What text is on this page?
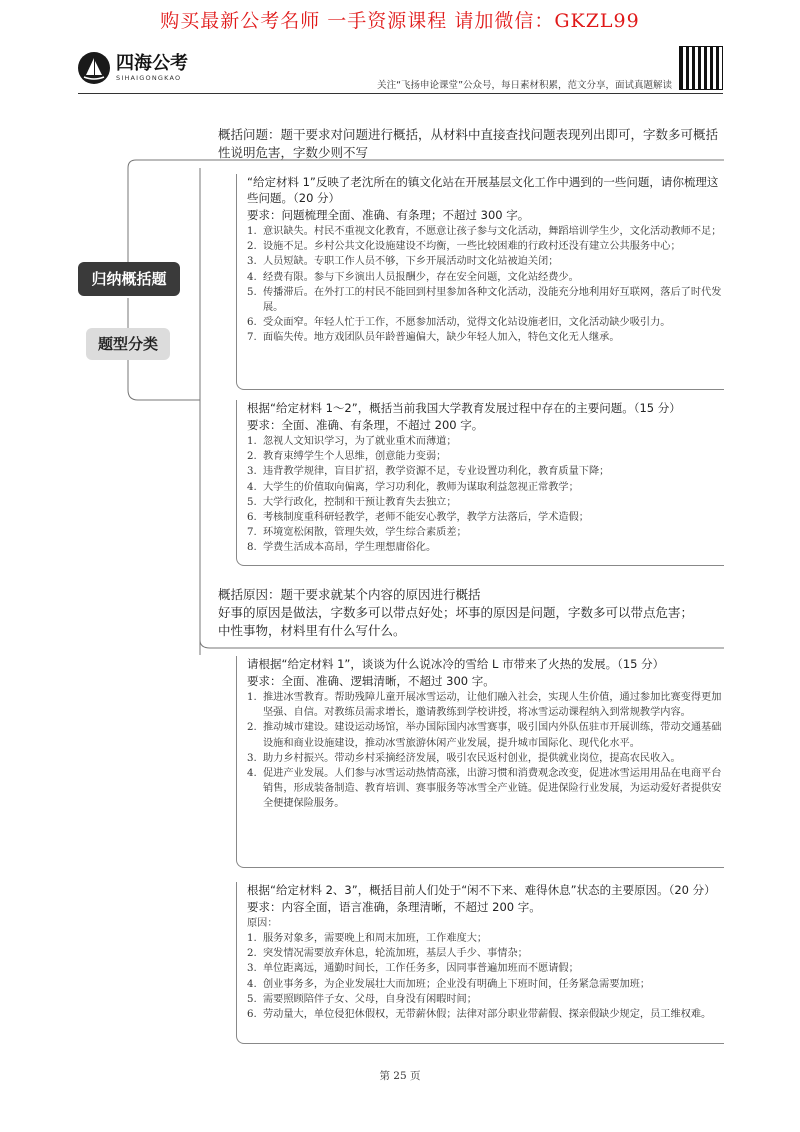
购买最新公考名师 一手资源课程 请加微信：GKZL99
四海公考
SIHAIGONGKAO
关注“飞扬申论课堂”公众号，每日素材积累，范文分享，面试真题解读
归纳概括题
题型分类
概括问题：题干要求对问题进行概括，从材料中直接查找问题表现列出即可，字数多可概括性说明危害，字数少则不写

“给定材料 1”反映了老沈所在的镇文化站在开展基层文化工作中遇到的一些问题，请你梳理这些问题。（20 分）

要求：问题梳理全面、准确、有条理；不超过 300 字。

1. 意识缺失。村民不重视文化教育，不愿意让孩子参与文化活动，舞蹈培训学生少，文化活动教师不足；
2. 设施不足。乡村公共文化设施建设不均衡，一些比较困难的行政村还没有建立公共服务中心；
3. 人员短缺。专职工作人员不够，下乡开展活动时文化站被迫关闭；
4. 经费有限。参与下乡演出人员报酬少，存在安全问题，文化站经费少。
5. 传播滞后。在外打工的村民不能回到村里参加各种文化活动，没能充分地利用好互联网，落后了时代发展。
6. 受众面窄。年轻人忙于工作，不愿参加活动，觉得文化站设施老旧，文化活动缺少吸引力。
7. 面临失传。地方戏团队员年龄普遍偏大，缺少年轻人加入，特色文化无人继承。

根据“给定材料 1～2”，概括当前我国大学教育发展过程中存在的主要问题。（15 分）

要求：全面、准确、有条理，不超过 200 字。

1. 忽视人文知识学习，为了就业重术而薄道；
2. 教育束缚学生个人思维，创意能力变弱；
3. 违背教学规律，盲目扩招，教学资源不足，专业设置功利化，教育质量下降；
4. 大学生的价值取向偏离，学习功利化，教师为谋取利益忽视正常教学；
5. 大学行政化，控制和干预让教育失去独立；
6. 考核制度重科研轻教学，老师不能安心教学，教学方法落后，学术造假；
7. 环境宽松闲散，管理失效，学生综合素质差；
8. 学费生活成本高昂，学生理想庸俗化。
概括原因：题干要求就某个内容的原因进行概括
好事的原因是做法，字数多可以带点好处；坏事的原因是问题，字数多可以带点危害；
中性事物，材料里有什么写什么。

请根据“给定材料 1”，谈谈为什么说冰冷的雪给 L 市带来了火热的发展。（15 分）

要求：全面、准确、逻辑清晰，不超过 300 字。

1. 推进冰雪教育。帮助残障儿童开展冰雪运动，让他们融入社会，实现人生价值，通过参加比赛变得更加坚强、自信。对教练员需求增长，邀请教练到学校讲授，将冰雪运动课程纳入到常规教学内容。
2. 推动城市建设。建设运动场馆，举办国际国内冰雪赛事，吸引国内外队伍驻市开展训练，带动交通基础设施和商业设施建设，推动冰雪旅游休闲产业发展，提升城市国际化、现代化水平。
3. 助力乡村振兴。带动乡村采摘经济发展，吸引农民返村创业，提供就业岗位，提高农民收入。
4. 促进产业发展。人们参与冰雪运动热情高涨，出游习惯和消费观念改变，促进冰雪运用用品在电商平台销售，形成装备制造、教育培训、赛事服务等冰雪全产业链。促进保险行业发展，为运动爱好者提供安全便捷保险服务。

根据“给定材料 2、3”，概括目前人们处于“闲不下来、难得休息”状态的主要原因。（20 分）

要求：内容全面，语言准确，条理清晰，不超过 200 字。

原因：

1. 服务对象多，需要晚上和周末加班，工作难度大；
2. 突发情况需要放弃休息，轮流加班，基层人手少、事情杂；
3. 单位距离远，通勤时间长，工作任务多，因同事普遍加班而不愿请假；
4. 创业事务多，为企业发展壮大而加班；企业没有明确上下班时间，任务紧急需要加班；
5. 需要照顾陪伴子女、父母，自身没有闲暇时间；
6. 劳动量大，单位侵犯休假权，无带薪休假；法律对部分职业带薪假、探亲假缺少规定，员工维权难。
第 25 页
